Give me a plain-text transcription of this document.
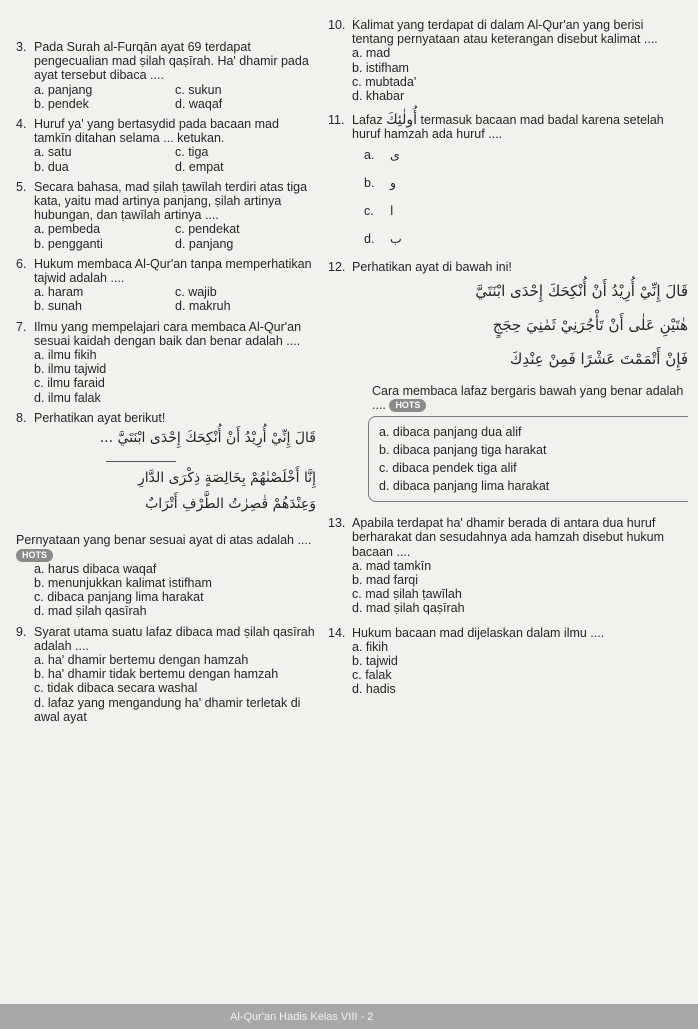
3. Pada Surah al-Furqān ayat 69 terdapat pengecualian mad ṣilah qaṣīrah. Ha' dhamir pada ayat tersebut dibaca ....
a. panjang	c. sukun
b. pendek	d. waqaf
4. Huruf ya' yang bertasydid pada bacaan mad tamkīn ditahan selama ... ketukan.
a. satu	c. tiga
b. dua	d. empat
5. Secara bahasa, mad ṣilah ṭawīlah terdiri atas tiga kata, yaitu mad artinya panjang, ṣilah artinya hubungan, dan ṭawīlah artinya ....
a. pembeda	c. pendekat
b. pengganti	d. panjang
6. Hukum membaca Al-Qur'an tanpa memperhatikan tajwid adalah ....
a. haram	c. wajib
b. sunah	d. makruh
7. Ilmu yang mempelajari cara membaca Al-Qur'an sesuai kaidah dengan baik dan benar adalah ....
a. ilmu fikih
b. ilmu tajwid
c. ilmu faraid
d. ilmu falak
8. Perhatikan ayat berikut!
قَالَ إِنِّيْ أُرِيْدُ أَنْ أُنْكِحَكَ إِحْدَى ابْنَتَيَّ ...
إِنَّا أَخْلَصْنٰهُمْ بِخَالِصَةٍ ذِكْرَى الدَّارِ
وَعِنْدَهُمْ قٰصِرٰتُ الطَّرْفِ أَتْرَابٌ
Pernyataan yang benar sesuai ayat di atas adalah .... HOTS
a. harus dibaca waqaf
b. menunjukkan kalimat istifham
c. dibaca panjang lima harakat
d. mad ṣilah qasīrah
9. Syarat utama suatu lafaz dibaca mad ṣilah qasīrah adalah ....
a. ha' dhamir bertemu dengan hamzah
b. ha' dhamir tidak bertemu dengan hamzah
c. tidak dibaca secara washal
d. lafaz yang mengandung ha' dhamir terletak di awal ayat
10. Kalimat yang terdapat di dalam Al-Qur'an yang berisi tentang pernyataan atau keterangan disebut kalimat ....
a. mad
b. istifham
c. mubtada'
d. khabar
11. Lafaz أُولٰئِكَ termasuk bacaan mad badal karena setelah huruf hamzah ada huruf ....
a.	ى
b.	و
c.	ا
d.	ب
12. Perhatikan ayat di bawah ini!
قَالَ إِنِّيْ أُرِيْدُ أَنْ أُنْكِحَكَ إِحْدَى ابْنَتَيَّ
هٰتَيْنِ عَلٰى أَنْ تَأْجُرَنِيْ ثَمٰنِيَ حِجَجٍ
فَإِنْ أَتْمَمْتَ عَشْرًا فَمِنْ عِنْدِكَ
Cara membaca lafaz bergaris bawah yang benar adalah .... HOTS
a. dibaca panjang dua alif
b. dibaca panjang tiga harakat
c. dibaca pendek tiga alif
d. dibaca panjang lima harakat
13. Apabila terdapat ha' dhamir berada di antara dua huruf berharakat dan sesudahnya ada hamzah disebut hukum bacaan ....
a. mad tamkīn
b. mad farqi
c. mad ṣilah ṭawīlah
d. mad ṣilah qaṣīrah
14. Hukum bacaan mad dijelaskan dalam ilmu ....
a. fikih
b. tajwid
c. falak
d. hadis
Al-Qur'an Hadis Kelas VIII - 2
